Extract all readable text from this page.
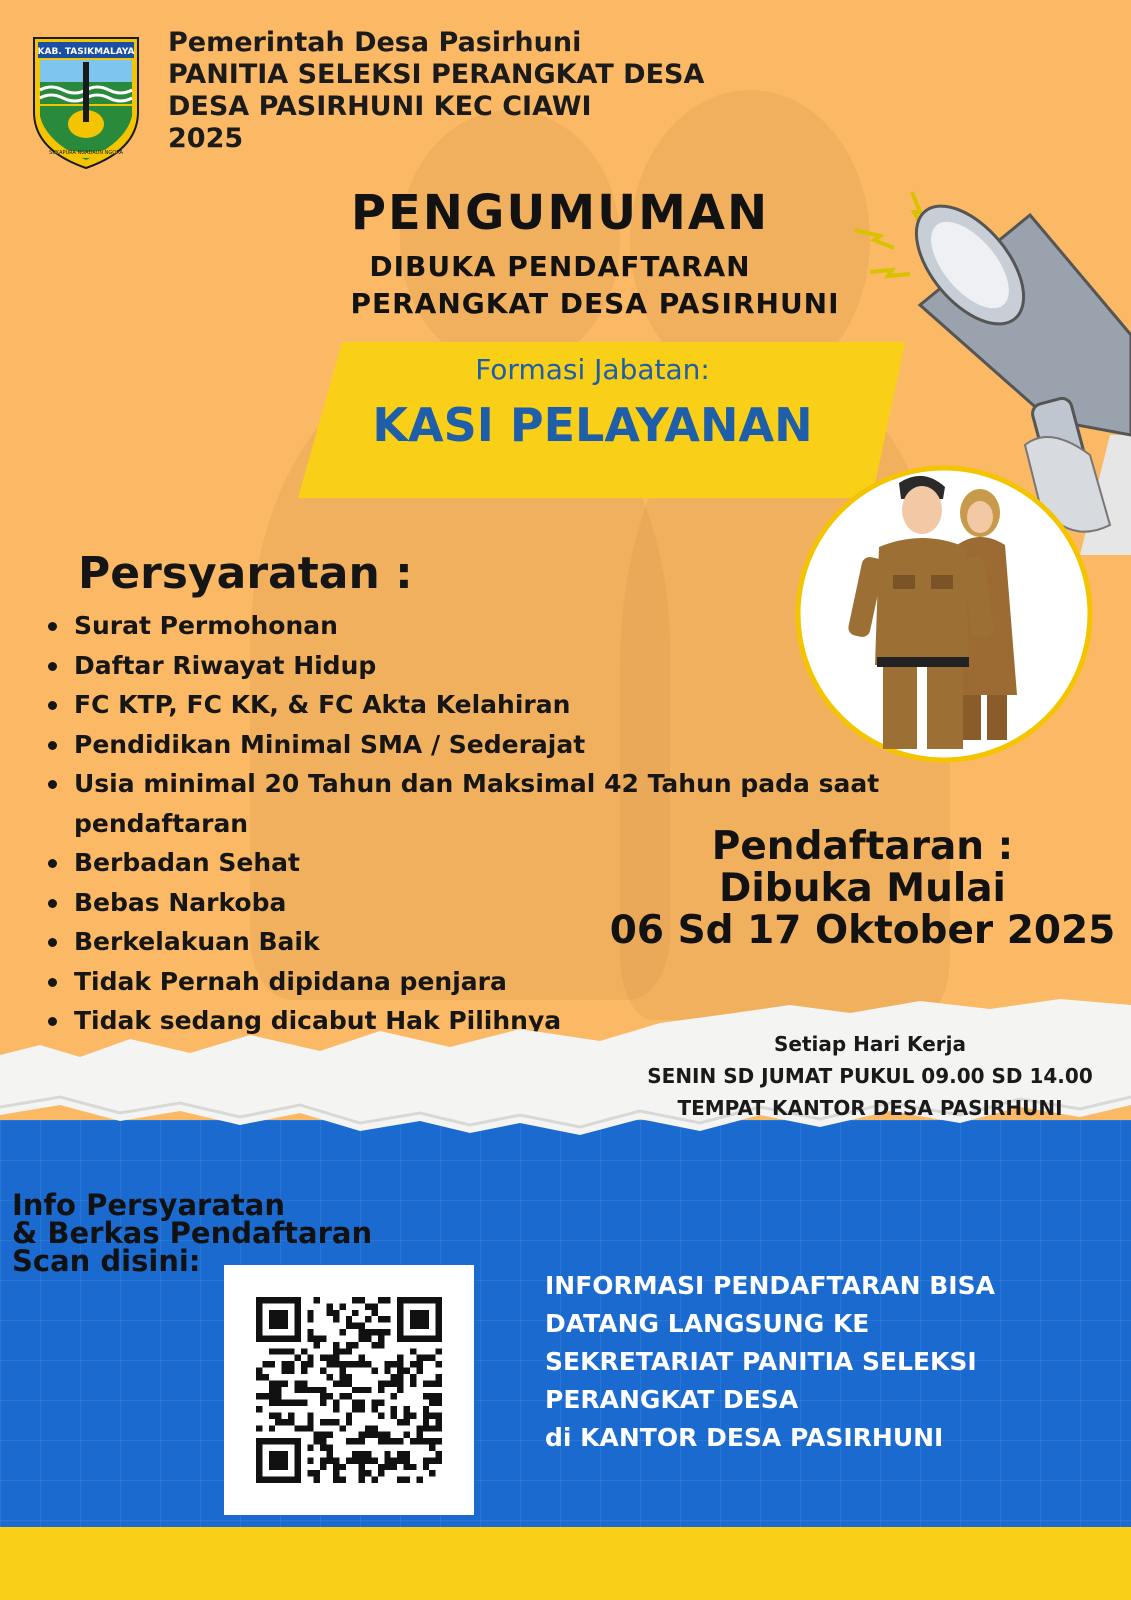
KAB. TASIKMALAYA
SUKAPURA NGADAUN NGORA
Pemerintah Desa Pasirhuni
PANITIA SELEKSI PERANGKAT DESA
DESA PASIRHUNI KEC CIAWI
2025
PENGUMUMAN
DIBUKA PENDAFTARAN
PERANGKAT DESA PASIRHUNI
Formasi Jabatan:
KASI PELAYANAN
Persyaratan :
Surat Permohonan
Daftar Riwayat Hidup
FC KTP, FC KK, & FC Akta Kelahiran
Pendidikan Minimal SMA / Sederajat
Usia minimal 20 Tahun dan Maksimal 42 Tahun pada saat pendaftaran
Berbadan Sehat
Bebas Narkoba
Berkelakuan Baik
Tidak Pernah dipidana penjara
Tidak sedang dicabut Hak Pilihnya
Pendaftaran :
Dibuka Mulai
06 Sd 17 Oktober 2025
Setiap Hari Kerja
SENIN SD JUMAT PUKUL 09.00 SD 14.00
TEMPAT KANTOR DESA PASIRHUNI
Info Persyaratan
& Berkas Pendaftaran
Scan disini:
INFORMASI PENDAFTARAN BISA
DATANG LANGSUNG KE
SEKRETARIAT PANITIA SELEKSI
PERANGKAT DESA
di KANTOR DESA PASIRHUNI
